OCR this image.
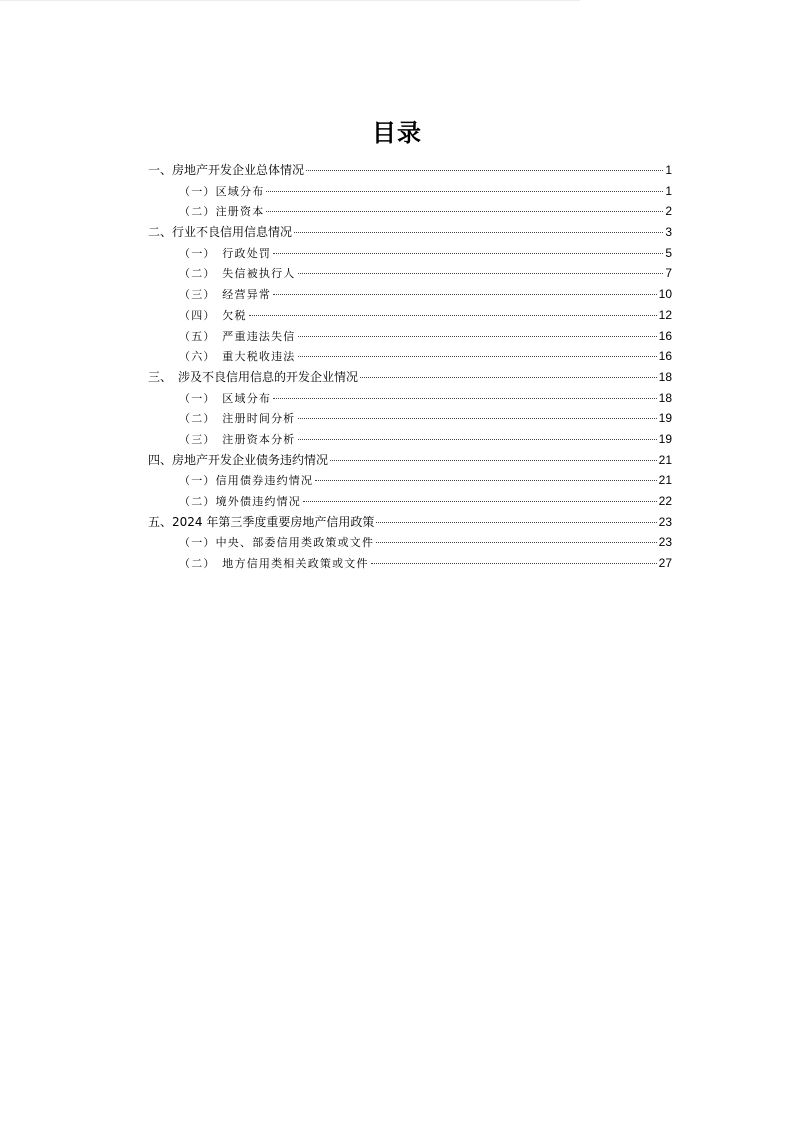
目录
一、房地产开发企业总体情况	1
（一）区域分布	1
（二）注册资本	2
二、行业不良信用信息情况	3
（一）　行政处罚	5
（二）　失信被执行人	7
（三）　经营异常	10
（四）　欠税	12
（五）　严重违法失信	16
（六）　重大税收违法	16
三、　涉及不良信用信息的开发企业情况	18
（一）　区域分布	18
（二）　注册时间分析	19
（三）　注册资本分析	19
四、房地产开发企业债务违约情况	21
（一）信用债券违约情况	21
（二）境外债违约情况	22
五、2024 年第三季度重要房地产信用政策	23
（一）中央、部委信用类政策或文件	23
（二）　地方信用类相关政策或文件	27
